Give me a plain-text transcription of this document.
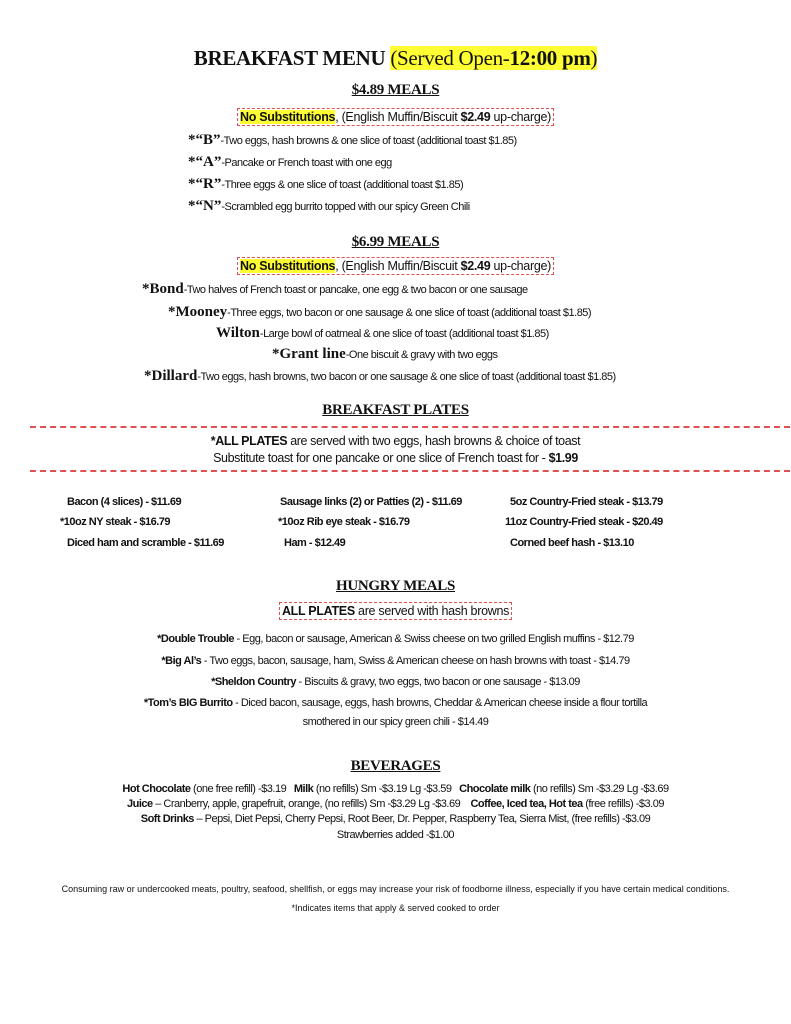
BREAKFAST MENU (Served Open-12:00 pm)
$4.89 MEALS
No Substitutions, (English Muffin/Biscuit $2.49 up-charge)
*“B”-Two eggs, hash browns & one slice of toast (additional toast $1.85)
*“A”-Pancake or French toast with one egg
*“R”-Three eggs & one slice of toast (additional toast $1.85)
*“N”-Scrambled egg burrito topped with our spicy Green Chili
$6.99 MEALS
No Substitutions, (English Muffin/Biscuit $2.49 up-charge)
*Bond-Two halves of French toast or pancake, one egg & two bacon or one sausage
*Mooney-Three eggs, two bacon or one sausage & one slice of toast (additional toast $1.85)
Wilton-Large bowl of oatmeal & one slice of toast (additional toast $1.85)
*Grant line-One biscuit & gravy with two eggs
*Dillard-Two eggs, hash browns, two bacon or one sausage & one slice of toast (additional toast $1.85)
BREAKFAST PLATES
*ALL PLATES are served with two eggs, hash browns & choice of toast
Substitute toast for one pancake or one slice of French toast for - $1.99
Bacon (4 slices) - $11.69	Sausage links (2) or Patties (2) - $11.69	5oz Country-Fried steak - $13.79
*10oz NY steak - $16.79	*10oz Rib eye steak - $16.79	11oz Country-Fried steak - $20.49
Diced ham and scramble - $11.69	Ham - $12.49	Corned beef hash - $13.10
HUNGRY MEALS
ALL PLATES are served with hash browns
*Double Trouble - Egg, bacon or sausage, American & Swiss cheese on two grilled English muffins - $12.79
*Big Al’s - Two eggs, bacon, sausage, ham, Swiss & American cheese on hash browns with toast - $14.79
*Sheldon Country - Biscuits & gravy, two eggs, two bacon or one sausage - $13.09
*Tom’s BIG Burrito - Diced bacon, sausage, eggs, hash browns, Cheddar & American cheese inside a flour tortilla
smothered in our spicy green chili - $14.49
BEVERAGES
Hot Chocolate (one free refill) -$3.19 Milk (no refills) Sm -$3.19 Lg -$3.59 Chocolate milk (no refills) Sm -$3.29 Lg -$3.69
Juice – Cranberry, apple, grapefruit, orange, (no refills) Sm -$3.29 Lg -$3.69 Coffee, Iced tea, Hot tea (free refills) -$3.09
Soft Drinks – Pepsi, Diet Pepsi, Cherry Pepsi, Root Beer, Dr. Pepper, Raspberry Tea, Sierra Mist, (free refills) -$3.09
Strawberries added -$1.00
Consuming raw or undercooked meats, poultry, seafood, shellfish, or eggs may increase your risk of foodborne illness, especially if you have certain medical conditions.
*Indicates items that apply & served cooked to order
